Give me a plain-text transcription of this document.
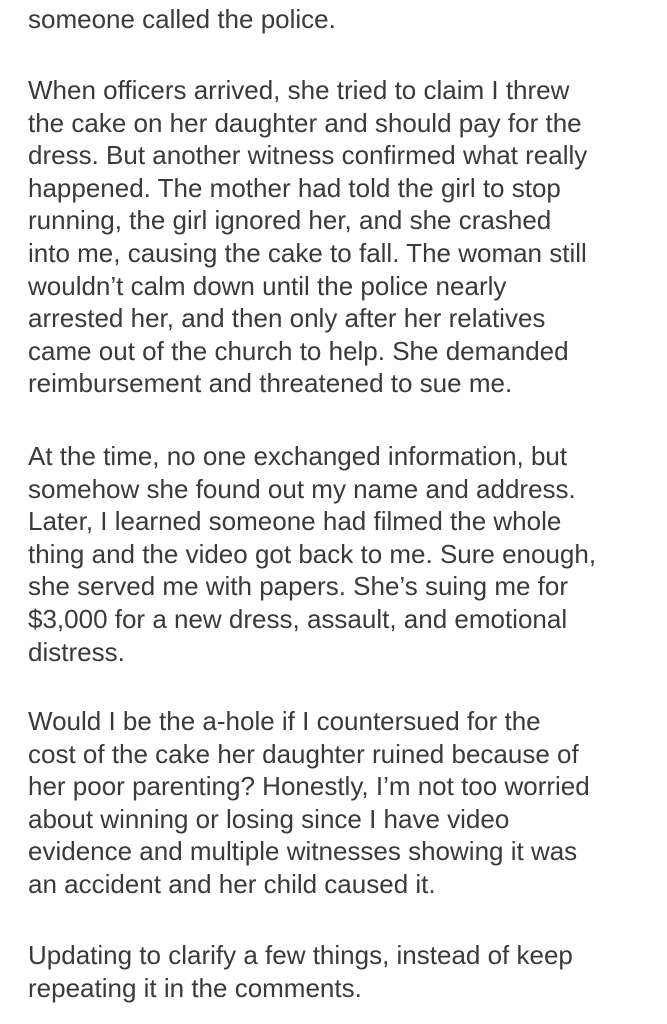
someone called the police.
When officers arrived, she tried to claim I threw
the cake on her daughter and should pay for the
dress. But another witness confirmed what really
happened. The mother had told the girl to stop
running, the girl ignored her, and she crashed
into me, causing the cake to fall. The woman still
wouldn’t calm down until the police nearly
arrested her, and then only after her relatives
came out of the church to help. She demanded
reimbursement and threatened to sue me.
At the time, no one exchanged information, but
somehow she found out my name and address.
Later, I learned someone had filmed the whole
thing and the video got back to me. Sure enough,
she served me with papers. She’s suing me for
$3,000 for a new dress, assault, and emotional
distress.
Would I be the a‑hole if I countersued for the
cost of the cake her daughter ruined because of
her poor parenting? Honestly, I’m not too worried
about winning or losing since I have video
evidence and multiple witnesses showing it was
an accident and her child caused it.
Updating to clarify a few things, instead of keep
repeating it in the comments.
